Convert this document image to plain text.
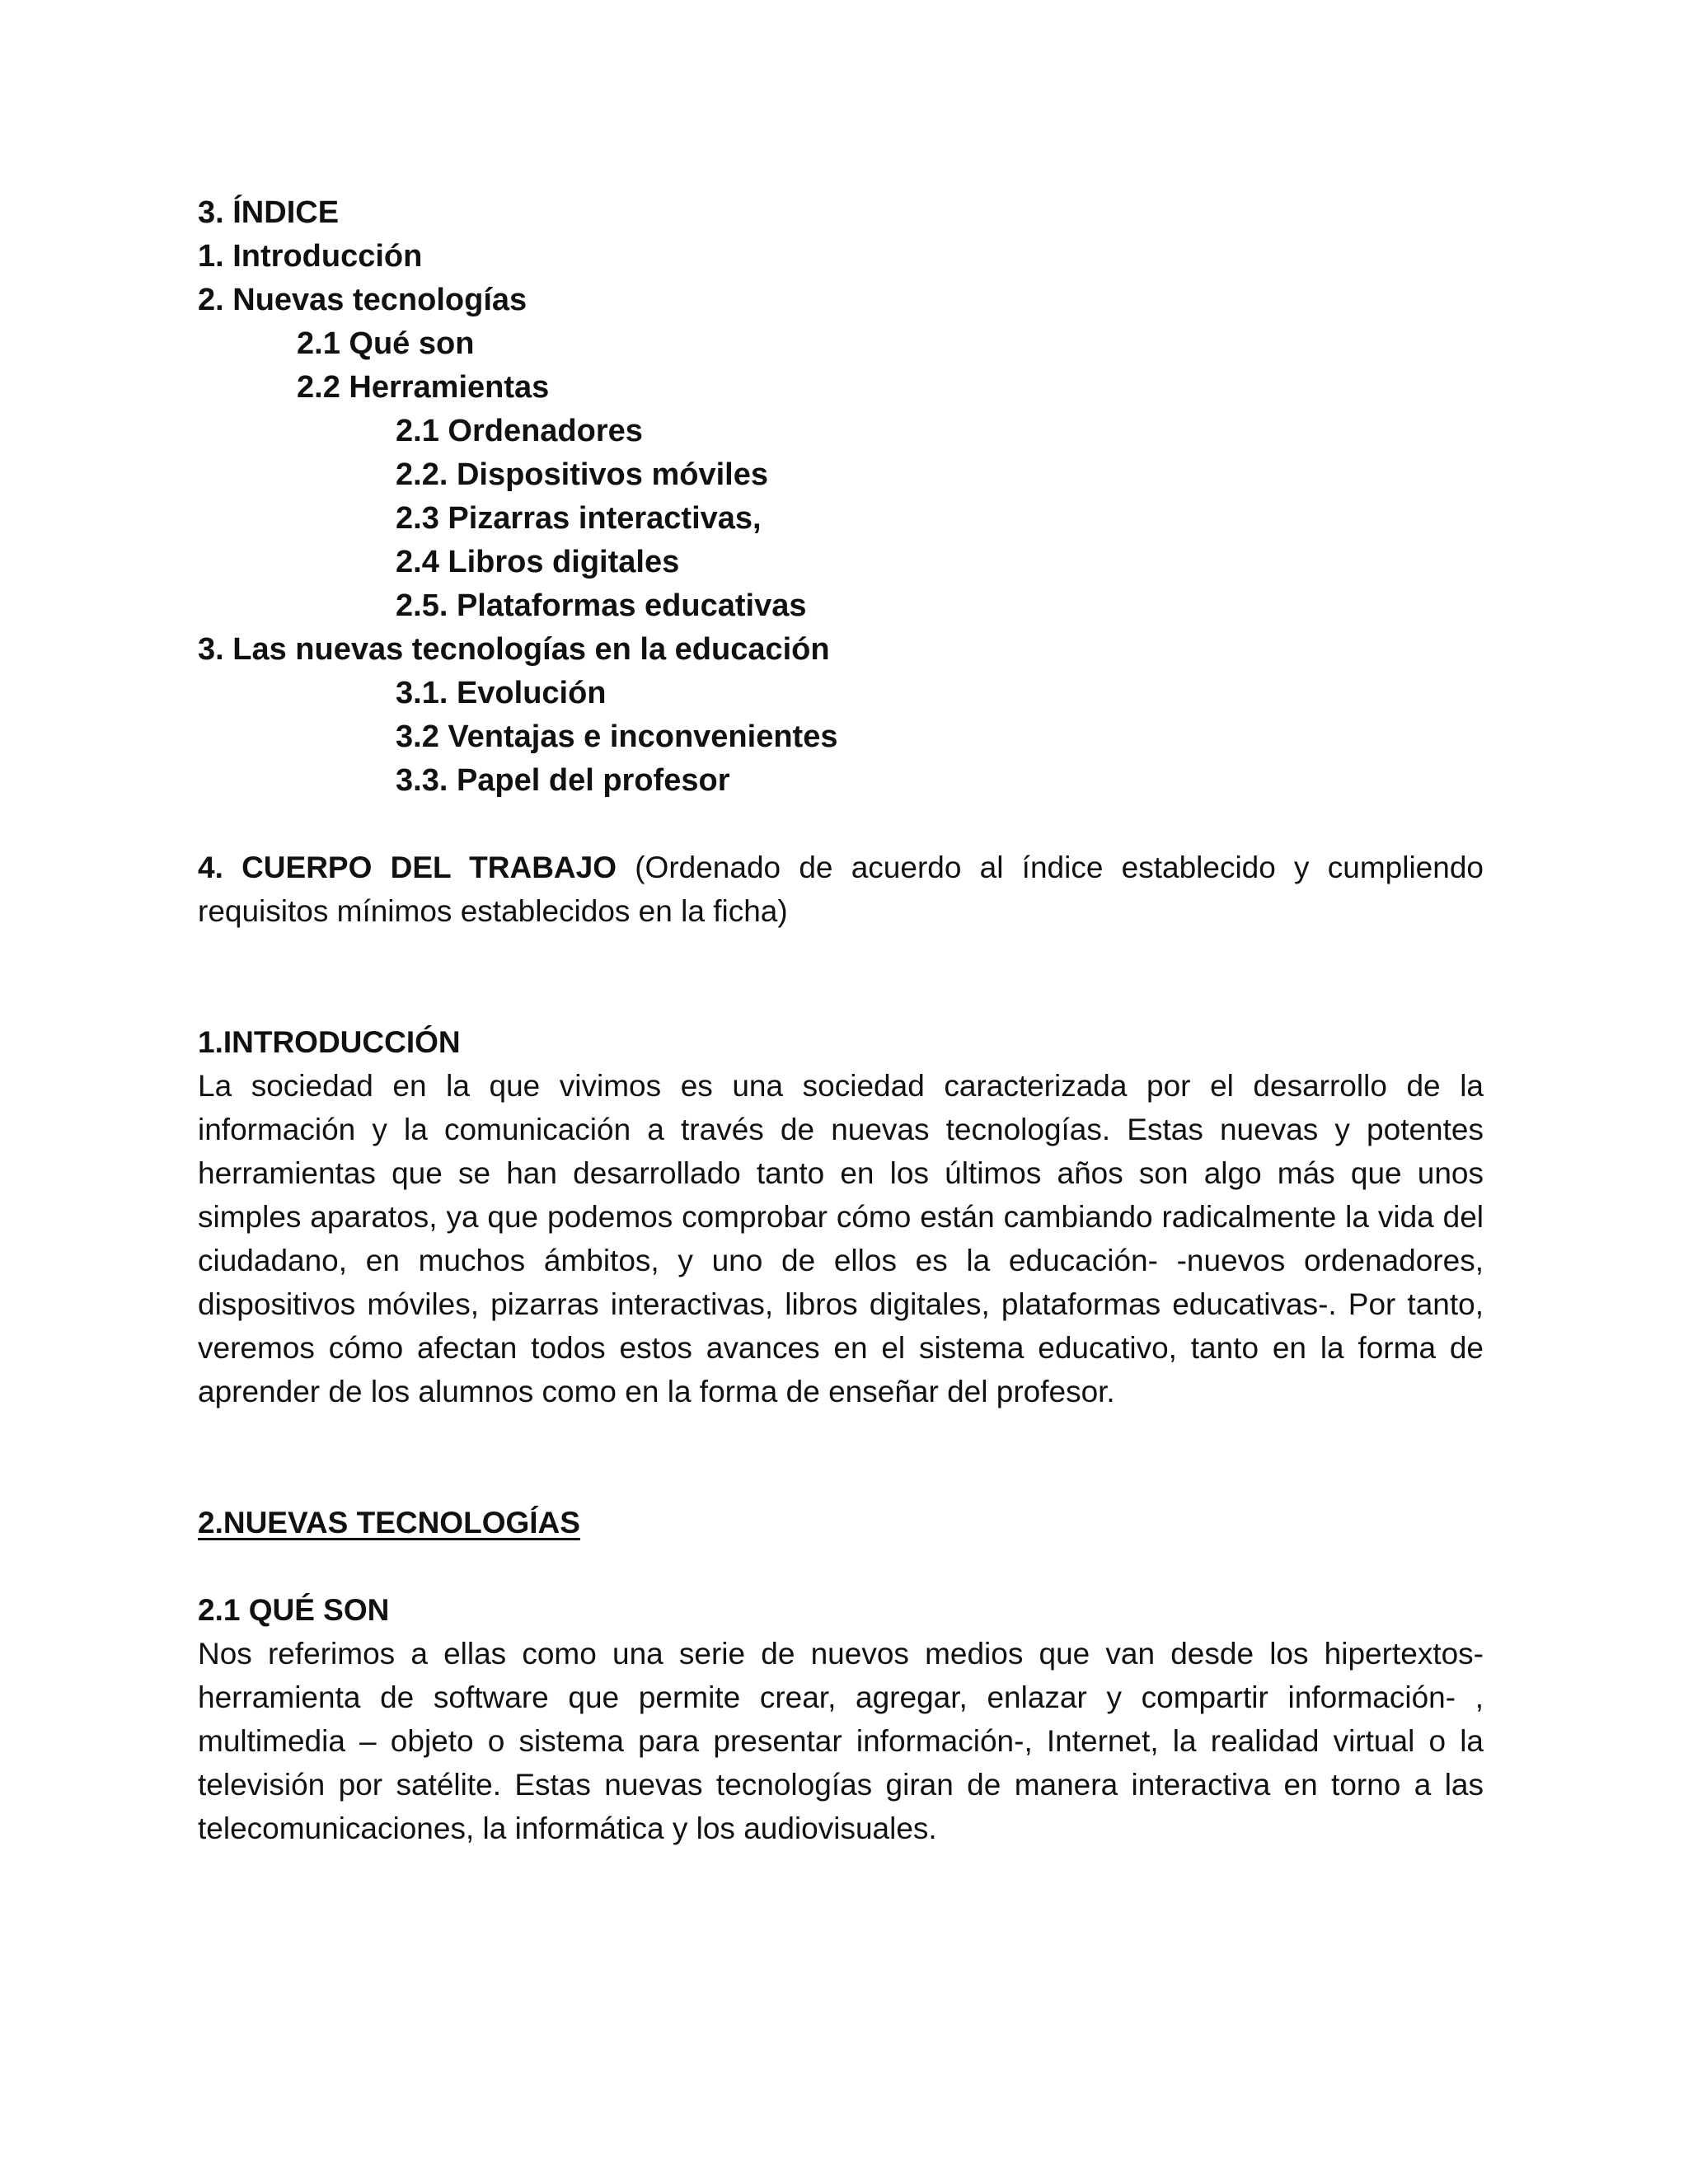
3. ÍNDICE
1. Introducción
2. Nuevas tecnologías
2.1 Qué son
2.2 Herramientas
2.1 Ordenadores
2.2. Dispositivos móviles
2.3 Pizarras interactivas,
2.4 Libros digitales
2.5. Plataformas educativas
3. Las nuevas tecnologías en la educación
3.1. Evolución
3.2 Ventajas e inconvenientes
3.3. Papel del profesor

4. CUERPO DEL TRABAJO (Ordenado de acuerdo al índice establecido y cumpliendo requisitos mínimos establecidos en la ficha)

1.INTRODUCCIÓN

La sociedad en la que vivimos es una sociedad caracterizada por el desarrollo de la información y la comunicación a través de nuevas tecnologías. Estas nuevas y potentes herramientas que se han desarrollado tanto en los últimos años son algo más que unos simples aparatos, ya que podemos comprobar cómo están cambiando radicalmente la vida del ciudadano, en muchos ámbitos, y uno de ellos es la educación- -nuevos ordenadores, dispositivos móviles, pizarras interactivas, libros digitales, plataformas educativas-. Por tanto, veremos cómo afectan todos estos avances en el sistema educativo, tanto en la forma de aprender de los alumnos como en la forma de enseñar del profesor.

2.NUEVAS TECNOLOGÍAS
2.1 QUÉ SON

Nos referimos a ellas como una serie de nuevos medios que van desde los hipertextos- herramienta de software que permite crear, agregar, enlazar y compartir información- , multimedia – objeto o sistema para presentar información-, Internet, la realidad virtual o la televisión por satélite. Estas nuevas tecnologías giran de manera interactiva en torno a las telecomunicaciones, la informática y los audiovisuales.
